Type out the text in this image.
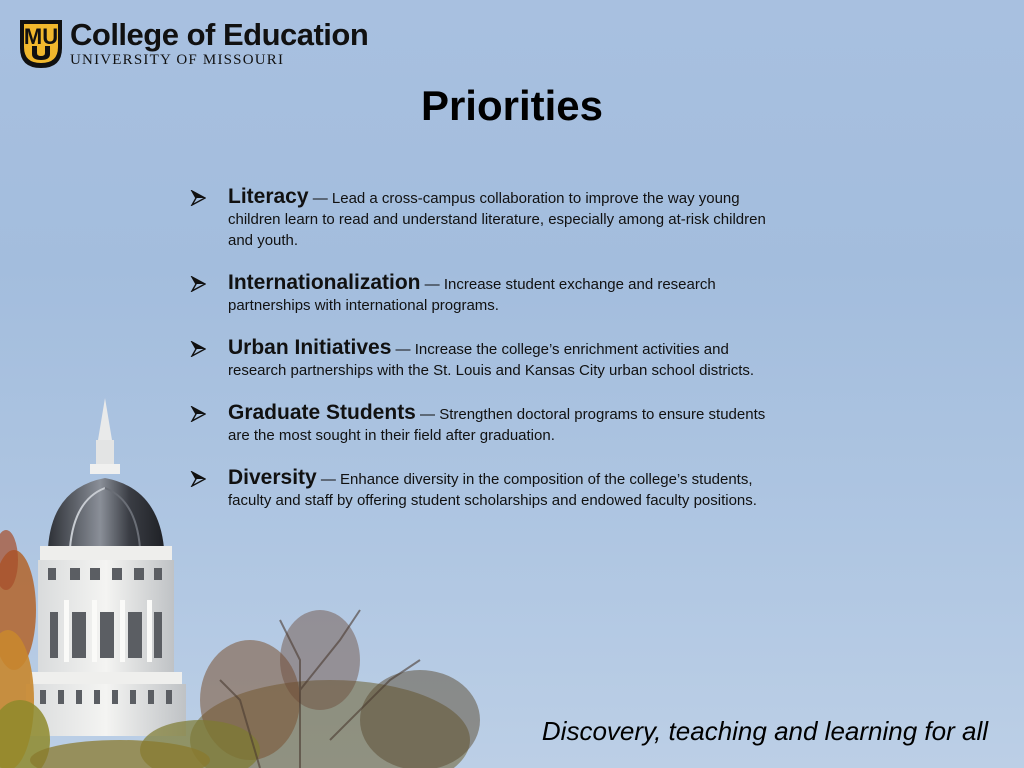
MU College of Education
UNIVERSITY OF MISSOURI
Priorities
Literacy — Lead a cross-campus collaboration to improve the way young children learn to read and understand literature, especially among at-risk children and youth.
Internationalization — Increase student exchange and research partnerships with international programs.
Urban Initiatives — Increase the college’s enrichment activities and research partnerships with the St. Louis and Kansas City urban school districts.
Graduate Students — Strengthen doctoral programs to ensure students are the most sought in their field after graduation.
Diversity — Enhance diversity in the composition of the college’s students, faculty and staff by offering student scholarships and endowed faculty positions.
Discovery, teaching and learning for all
